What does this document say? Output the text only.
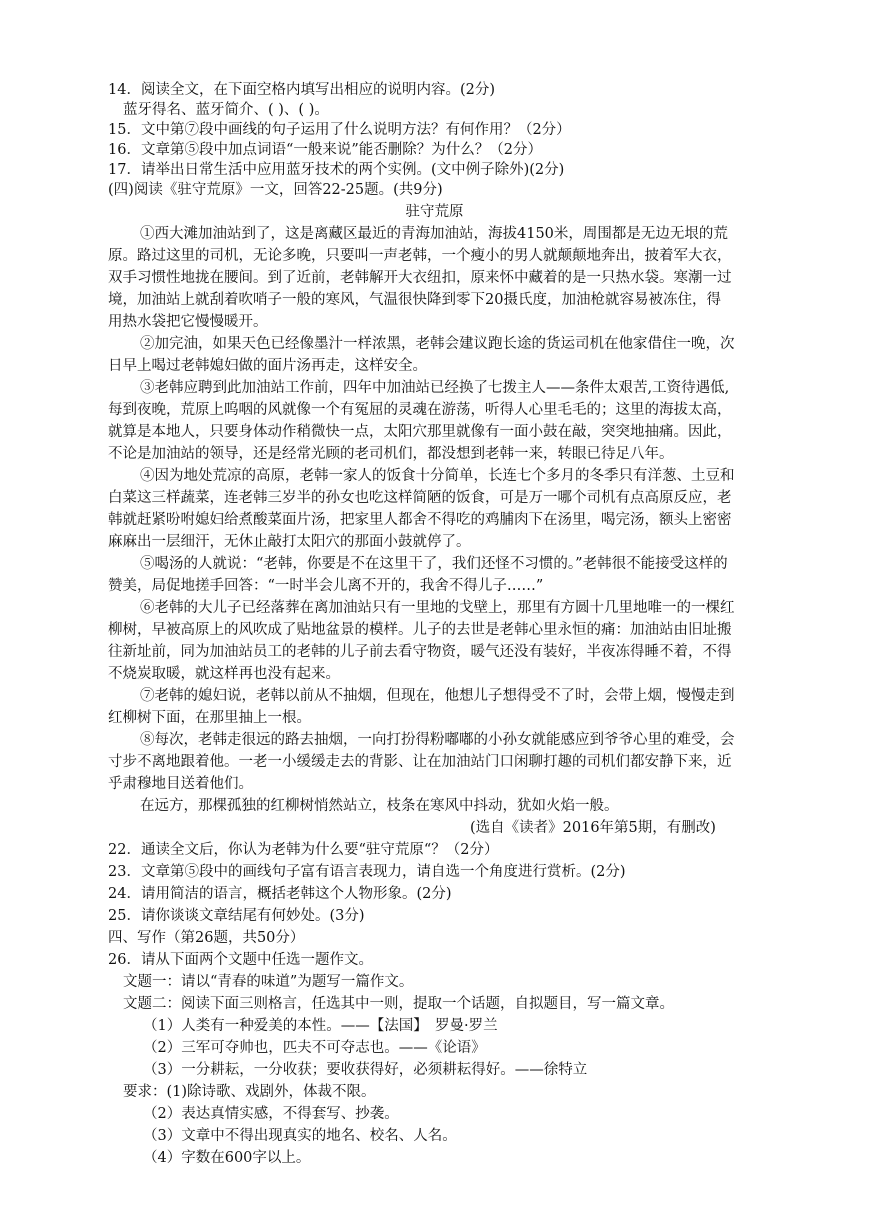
14．阅读全文，在下面空格内填写出相应的说明内容。(2分)
蓝牙得名、蓝牙简介、( )、( )。
15．文中第⑦段中画线的句子运用了什么说明方法？有何作用？（2分）
16．文章第⑤段中加点词语“一般来说”能否删除？为什么？（2分）
17．请举出日常生活中应用蓝牙技术的两个实例。(文中例子除外)(2分)
(四)阅读《驻守荒原》一文，回答22-25题。(共9分)
驻守荒原
①西大滩加油站到了，这是离藏区最近的青海加油站，海拔4150米，周围都是无边无垠的荒
原。路过这里的司机，无论多晚，只要叫一声老韩，一个瘦小的男人就颠颠地奔出，披着军大衣，
双手习惯性地拢在腰间。到了近前，老韩解开大衣纽扣，原来怀中藏着的是一只热水袋。寒潮一过
境，加油站上就刮着吹哨子一般的寒风，气温很快降到零下20摄氏度，加油枪就容易被冻住，得
用热水袋把它慢慢暖开。
②加完油，如果天色已经像墨汁一样浓黑，老韩会建议跑长途的货运司机在他家借住一晚，次
日早上喝过老韩媳妇做的面片汤再走，这样安全。
③老韩应聘到此加油站工作前，四年中加油站已经换了七拨主人——条件太艰苦,工资待遇低,
每到夜晚，荒原上呜咽的风就像一个有冤屈的灵魂在游荡，听得人心里毛毛的；这里的海拔太高，
就算是本地人，只要身体动作稍微快一点，太阳穴那里就像有一面小鼓在敲，突突地抽痛。因此，
不论是加油站的领导，还是经常光顾的老司机们，都没想到老韩一来，转眼已待足八年。
④因为地处荒凉的高原，老韩一家人的饭食十分简单，长连七个多月的冬季只有洋葱、土豆和
白菜这三样蔬菜，连老韩三岁半的孙女也吃这样简陋的饭食，可是万一哪个司机有点高原反应，老
韩就赶紧吩咐媳妇给煮酸菜面片汤，把家里人都舍不得吃的鸡脯肉下在汤里，喝完汤，额头上密密
麻麻出一层细汗，无休止敲打太阳穴的那面小鼓就停了。
⑤喝汤的人就说：“老韩，你要是不在这里干了，我们还怪不习惯的。”老韩很不能接受这样的
赞美，局促地搓手回答：“一时半会儿离不开的，我舍不得儿子……”
⑥老韩的大儿子已经落葬在离加油站只有一里地的戈壁上，那里有方圆十几里地唯一的一棵红
柳树，早被高原上的风吹成了贴地盆景的模样。儿子的去世是老韩心里永恒的痛：加油站由旧址搬
往新址前，同为加油站员工的老韩的儿子前去看守物资，暖气还没有装好，半夜冻得睡不着，不得
不烧炭取暖，就这样再也没有起来。
⑦老韩的媳妇说，老韩以前从不抽烟，但现在，他想儿子想得受不了时，会带上烟，慢慢走到
红柳树下面，在那里抽上一根。
⑧每次，老韩走很远的路去抽烟，一向打扮得粉嘟嘟的小孙女就能感应到爷爷心里的难受，会
寸步不离地跟着他。一老一小缓缓走去的背影、让在加油站门口闲聊打趣的司机们都安静下来，近
乎肃穆地目送着他们。
在远方，那棵孤独的红柳树悄然站立，枝条在寒风中抖动，犹如火焰一般。
(选自《读者》2016年第5期，有删改)
22．通读全文后，你认为老韩为什么要“驻守荒原“？（2分）
23．文章第⑤段中的画线句子富有语言表现力，请自选一个角度进行赏析。(2分)
24．请用简洁的语言，概括老韩这个人物形象。(2分)
25．请你谈谈文章结尾有何妙处。(3分)
四、写作（第26题，共50分）
26．请从下面两个文题中任选一题作文。
文题一：请以“青春的味道”为题写一篇作文。
文题二：阅读下面三则格言，任选其中一则，提取一个话题，自拟题目，写一篇文章。
（1）人类有一种爱美的本性。——【法国】　罗曼·罗兰
（2）三军可夺帅也，匹夫不可夺志也。——《论语》
（3）一分耕耘，一分收获；要收获得好，必须耕耘得好。——徐特立
要求：(1)除诗歌、戏剧外，体裁不限。
（2）表达真情实感，不得套写、抄袭。
（3）文章中不得出现真实的地名、校名、人名。
（4）字数在600字以上。
